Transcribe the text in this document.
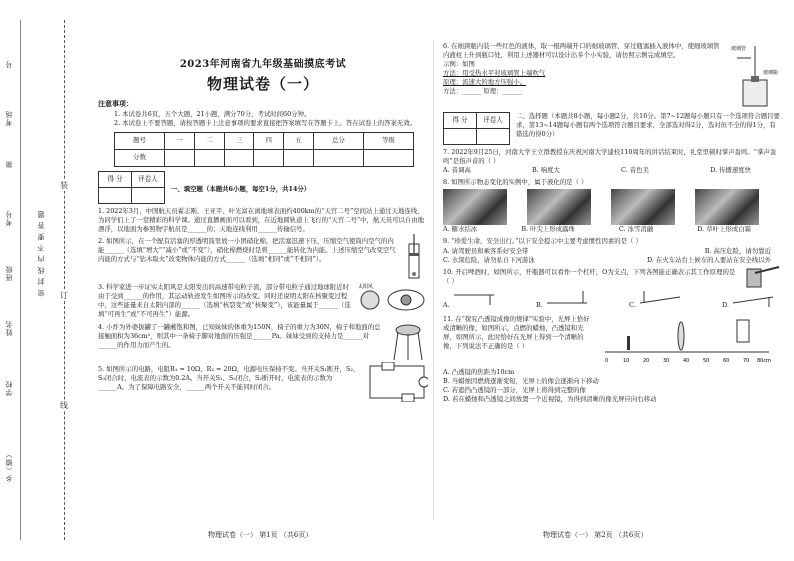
号
考场
第
考号
班级
姓名
学校
乡（镇）
密 封 线 内 不 要 答 题
装
订
线
2023年河南省九年级基础摸底考试
物理试卷（一）
注意事项：
1. 本试卷共6页，五个大题，21小题，满分70分，考试时间60分钟。
2. 本试卷上不要答题，请按答题卡上注意事项的要求直接把答案填写在答题卡上。答在试卷上的答案无效。
题号	一	二	三	四	五	总分	等级
分数							
得 分	评卷人

一、填空题（本题共6小题，每空1分，共14分）
1. 2022年3月，中国航天员翟志刚、王亚平、叶光富在离地球表面约400km的“天宫二号”空间站上通过天地连线，为同学们上了一堂精彩的科学课。通过直播画面可以看到，在近地圆轨道上飞行的“天宫二号”中，航天员可以自由地漂浮，以地面为参照物宇航员是______的；天地连线利用______传输信号。
2. 如图所示，在一个配有活塞的厚透明筒里放一小团硝化棉，把活塞迅速下压，压缩空气使筒内空气的内能______（选填“增大”“减小”或“不变”），硝化棉燃烧时是将______能转化为内能。上述压缩空气改变空气内能的方式与“钻木取火”改变物体内能的方式______（选填“相同”或“不相同”）。
3. 科学家进一步证实太阳风是太阳发出的高速带电粒子流，部分带电粒子通过地球附近时由于受到______的作用，其运动轨迹发生如图所示的改变。同时还说明太阳在核聚变过程中，这些能量来自太阳内部的______（选填“核裂变”或“核聚变”），该能量属于______（选填“可再生”或“不可再生”）能源。
太阳风
4. 小炸为外婆拔罐了一罐蘸饱和图，已知妹妹的体重为150N，椅子的重力为30N，椅子和地面的总接触面积为36cm²，则其中一条椅子脚对地面的压强是______Pa。妹妹受到的支持力是______对______的作用力而产生的。
5. 如图所示的电路，电阻R₁ = 10Ω，R₂ = 20Ω，电源电压保持不变。当开关S₁断开，S₂、S₃闭合时，电流表的示数为0.2A。当开关S₁、S₃闭合，S₂断开时，电流表的示数为______A。为了保障电路安全，______两个开关不能同时闭合。
物理试卷（一） 第1页 （共6页）
6. 在细颈瓶内装一些红色的液体，取一根两端开口的细玻璃管，穿过瓶塞插入液体中，使细玻璃管内液柱上升到瓶口处，利用上述器材可以设计出多个小实验，请仿照示例完成填空。
示例：如图
方法：用受热水平对玻璃管上端吹气
原理：流速大的地方压强小。
方法：______ 原理：______
玻璃管
玻璃瓶
得 分	评卷人
	二、选择题（本题共8小题，每小题2分，共16分。第7~12题每小题只有一个选项符合题目要求，第13~14题每小题有两个选项符合题目要求，全部选对得2分，选对但不全的得1分，有错选的得0分）
7. 2022年9月25日，河南大学王立群教授在庆祝河南大学建校110周年的讲话结束时，礼堂里顿时掌声轰鸣。“掌声轰鸣”是指声音的（ ）
A. 音调高	B. 响度大	C. 音色美	D. 传播速度快
8. 如图所示物态变化的实例中，属于液化的是（ ）
A. 糖水结冰	B. 叶尖上形成露珠	C. 冰雪消融	D. 草叶上形成白霜
9. “珍爱生命，安全出行。”以下安全提示中主要考虑惯性因素的是（ ）
A. 请驾驶员和乘客系好安全带	B. 高压危险，请勿靠近
C. 水深危险，请勿私自下河游泳	D. 在火车站台上候车的人要站在安全线以外
10. 开启啤酒时，如图所示，开瓶器可以看作一个杠杆，O为支点，下列各图能正确表示其工作原理的是（ ）
A.	B.	C.	D.
11. 在“探究凸透镜成像的规律”实验中，光屏上恰好成清晰的像，如图所示，点燃的蜡烛、凸透镜和光屏，如图所示，此时恰好在光屏上得到一个清晰的像，下列说法不正确的是（ ）
0	10	20	30	40	50	60	70 80cm
A. 凸透镜的焦距为10cm
B. 当蜡烛因燃烧逐渐变短，光屏上的像会逐渐向下移动
C. 若遮挡凸透镜的一部分，光屏上将得到完整的像
D. 若在蜡烛和凸透镜之间放置一个近视镜，为得到清晰的像光屏应向右移动
物理试卷（一） 第2页 （共6页）
